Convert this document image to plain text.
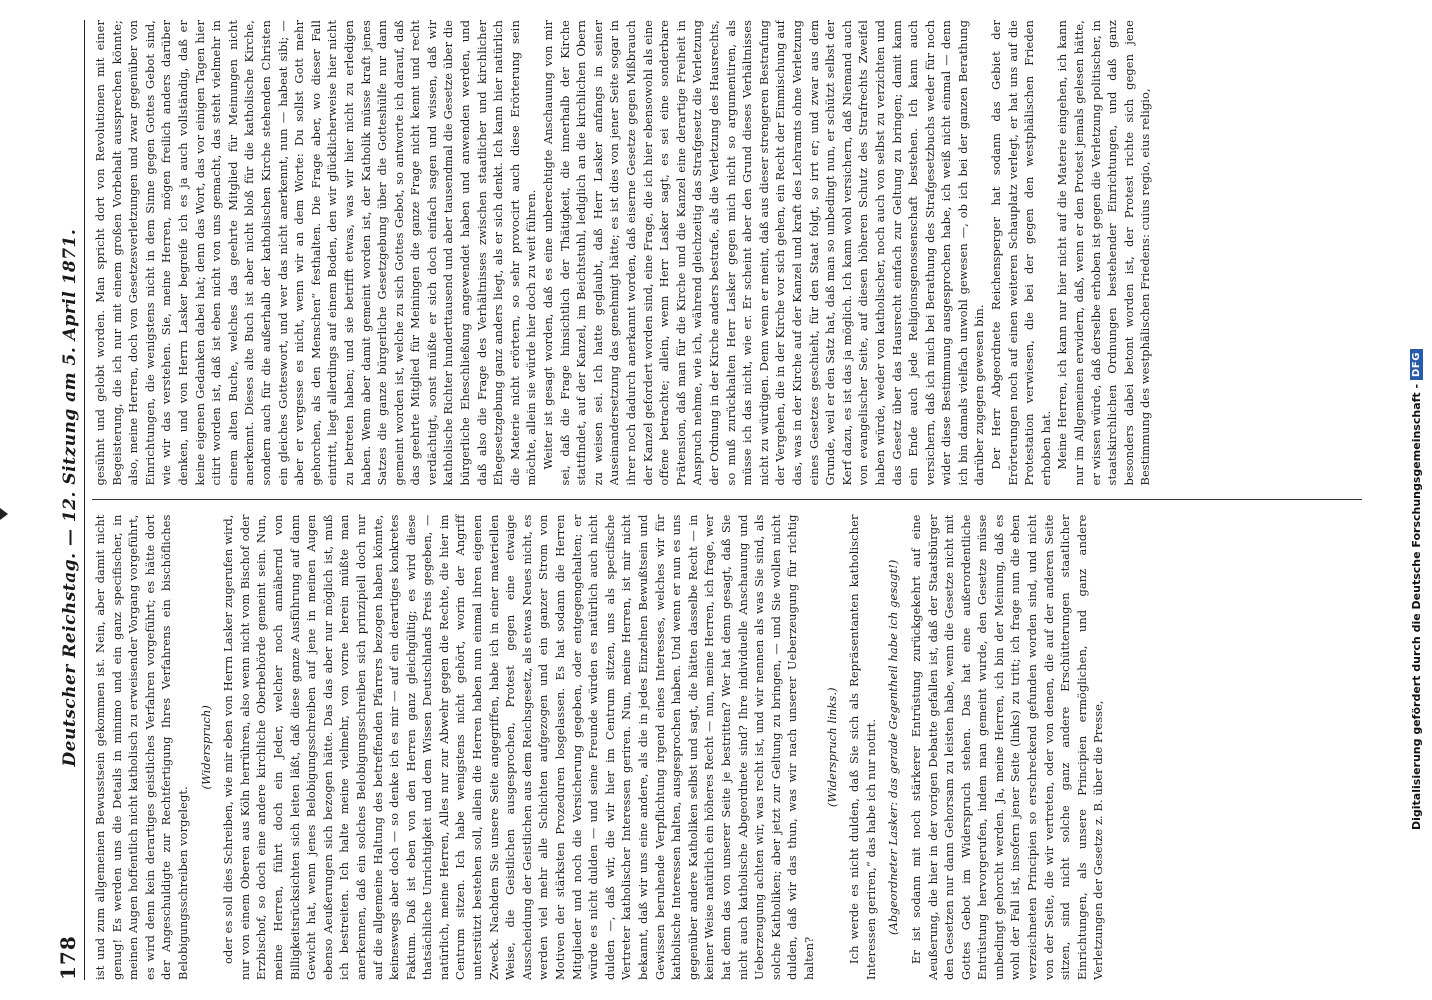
178
Deutscher Reichstag. — 12. Sitzung am 5. April 1871. ist und zum allgemeinen Bewusstsein gekommen ist. Nein, aber damit nicht genug! Es werden uns die Details in minimo und ein ganz specifischer, in meinen Augen hoffentlich nicht katholisch zu erweisender Vorgang vorgeführt, es wird denn kein derartiges geistliches Verfahren vorgeführt; es hätte dort der Angeschuldigte zur Rechtfertigung Ihres Verfahrens ein bischöfliches Belobigungsschreiben vorgelegt.

(Widerspruch) oder es soll dies Schreiben, wie mir eben von Herrn Lasker zugerufen wird, nur von einem Oberen aus Köln herrühren, also wenn nicht vom Bischof oder Erzbischof, so doch eine andere kirchliche Oberbehörde gemeint sein. Nun, meine Herren, führt doch ein Jeder, welcher noch annähernd von Billigkeitsrücksichten sich leiten läßt, daß diese ganze Ausführung auf dann Gewicht hat, wenn jenes Belobigungsschreiben auf jene in meinen Augen ebenso Aeußerungen sich bezogen hätte. Das das aber nur möglich ist, muß ich bestreiten. Ich halte meine vielmehr, von vorne herein müßte man anerkennen, daß ein solches Belobigungsschreiben sich prinzipiell doch nur auf die allgemeine Haltung des betreffenden Pfarrers bezogen haben könnte, keineswegs aber doch — so denke ich es mir — auf ein derartiges konkretes Faktum. Daß ist eben von den Herren ganz gleichgültig; es wird diese thatsächliche Unrichtigkeit und dem Wissen Deutschlands Preis gegeben, — natürlich, meine Herren, Alles nur zur Abwehr gegen die Rechte, die hier im Centrum sitzen. Ich habe wenigstens nicht gehört, worin der Angriff unterstützt bestehen soll, allein die Herren haben nun einmal ihren eigenen Zweck. Nachdem Sie unsere Seite angegriffen, habe ich in einer materiellen Weise, die Geistlichen ausgesprochen, Protest gegen eine etwaige Ausscheidung der Geistlichen aus dem Reichsgesetz, als etwas Neues nicht, es werden viel mehr alle Schichten aufgezogen und ein ganzer Strom von Motiven der stärksten Prozeduren losgelassen. Es hat sodann die Herren Mitglieder und noch die Versicherung gegeben, oder entgegengehalten; er würde es nicht dulden — und seine Freunde würden es natürlich auch nicht dulden —, daß wir, die wir hier im Centrum sitzen, uns als specifische Vertreter katholischer Interessen geriren. Nun, meine Herren, ist mir nicht bekannt, daß wir uns eine andere, als die in jedes Einzelnen Bewußtsein und Gewissen beruhende Verpflichtung irgend eines Interesses, welches wir für katholische Interessen halten, ausgesprochen haben. Und wenn er nun es uns gegenüber andere Katholiken selbst und sagt, die hätten dasselbe Recht — in keiner Weise natürlich ein höheres Recht — nun, meine Herren, ich frage, wer hat denn das von unserer Seite je bestritten? Wer hat denn gesagt, daß Sie nicht auch katholische Abgeordnete sind? Ihre individuelle Anschauung und Ueberzeugung achten wir, was recht ist, und wir nennen als was Sie sind, als solche Katholiken; aber jetzt zur Geltung zu bringen, — und Sie wollen nicht dulden, daß wir das thun, was wir nach unserer Ueberzeugung für richtig halten?

(Widerspruch links.) Ich werde es nicht dulden, daß Sie sich als Repräsentanten katholischer Interessen geriren,“ das habe ich nur notirt. (Abgeordneter Lasker: das gerade Gegentheil habe ich gesagt!) Er ist sodann mit noch stärkerer Entrüstung zurückgekehrt auf eine Aeußerung, die hier in der vorigen Debatte gefallen ist, daß der Staatsbürger den Gesetzen nur dann Gehorsam zu leisten habe, wenn die Gesetze nicht mit Gottes Gebot im Widerspruch stehen. Das hat eine außerordentliche Entrüstung hervorgerufen, indem man gemeint wurde, den Gesetze müsse unbedingt gehorcht werden. Ja, meine Herren, ich bin der Meinung, daß es wohl der Fall ist, insofern jener Seite (links) zu tritt; ich frage nun die eben verzeichneten Principien so erschreckend gefunden worden sind, und nicht von der Seite, die wir vertreten, oder von denen, die auf der anderen Seite sitzen, sind nicht solche ganz andere Erschütterungen staatlicher Einrichtungen, als unsere Principien ermöglichen, und ganz andere Verletzungen der Gesetze z. B. über die Presse,

gesühnt und gelobt worden. Man spricht dort von Revolutionen mit einer Begeisterung, die ich nur mit einem großen Vorbehalt aussprechen könnte; also, meine Herren, doch von Gesetzesverletzungen und zwar gegenüber von Einrichtungen, die wenigstens nicht in dem Sinne gegen Gottes Gebot sind, wie wir das verstehen. Sie, meine Herren, mögen freilich anders darüber denken, und von Herrn Lasker begreife ich es ja auch vollständig, daß er keine eigenen Gedanken dabei hat; denn das Wort, das vor einigen Tagen hier citirt worden ist, daß ist eben nicht von uns gemacht, das steht vielmehr in einem alten Buche, welches das geehrte Mitglied für Meinungen nicht anerkennt. Dieses alte Buch ist aber nicht bloß für die katholische Kirche, sondern auch für die außerhalb der katholischen Kirche stehenden Christen ein gleiches Gotteswort, und wer das nicht anerkennt, nun — habeat sibi; — aber er vergesse es nicht, wenn wir an dem Worte: Du sollst Gott mehr gehorchen, als den Menschen“ festhalten. Die Frage aber, wo dieser Fall eintritt, liegt allerdings auf einem Boden, den wir glücklicherweise hier nicht zu betreten haben; und sie betrifft etwas, was wir hier nicht zu erledigen haben. Wenn aber damit gemeint worden ist, der Katholik müsse kraft jenes Satzes die ganze bürgerliche Gesetzgebung über die Gotteshülfe nur dann gemeint worden ist, welche zu sich Gottes Gebot, so antworte ich darauf, daß das geehrte Mitglied für Meiningen die ganze Frage nicht kennt und recht verdächtigt, sonst müßte er sich doch einfach sagen und wissen, daß wir katholische Richter hunderttausend und aber tausendmal die Gesetze über die bürgerliche Eheschließung angewendet haben und anwenden werden, und daß also die Frage des Verhältnisses zwischen staatlicher und kirchlicher Ehegesetzgebung ganz anders liegt, als er sich denkt. Ich kann hier natürlich die Materie nicht erörtern, so sehr provocirt auch diese Erörterung sein möchte, allein sie würde hier doch zu weit führen. Weiter ist gesagt worden, daß es eine unberechtigte Anschauung von mir sei, daß die Frage hinsichtlich der Thätigkeit, die innerhalb der Kirche stattfindet, auf der Kanzel, im Beichtstuhl, lediglich an die kirchlichen Obern zu weisen sei. Ich hatte geglaubt, daß Herr Lasker anfangs in seiner Auseinandersetzung das genehmigt hätte; es ist dies von jener Seite sogar in ihrer noch dadurch anerkannt worden, daß eiserne Gesetze gegen Mißbrauch der Kanzel gefordert worden sind, eine Frage, die ich hier ebensowohl als eine offene betrachte; allein, wenn Herr Lasker sagt, es sei eine sonderbare Prätension, daß man für die Kirche und die Kanzel eine derartige Freiheit in Anspruch nehme, wie ich, während gleichzeitig das Strafgesetz die Verletzung der Ordnung in der Kirche anders bestrafe, als die Verletzung des Hausrechts, so muß zurückhalten Herr Lasker gegen mich nicht so argumentiren, als müsse ich das nicht, wie er. Er scheint aber den Grund dieses Verhältnisses nicht zu würdigen. Denn wenn er meint, daß aus dieser strengeren Bestrafung der Vergehen, die in der Kirche vor sich gehen, ein Recht der Einmischung auf das, was in der Kirche auf der Kanzel und kraft des Lehramts ohne Verletzung eines Gesetzes geschieht, für den Staat folgt, so irrt er; und zwar aus dem Grunde, weil er den Satz hat, daß man so unbedingt nun, er schützt selbst der Kerf dazu, es ist das ja möglich. Ich kann wohl versichern, daß Niemand auch von evangelischer Seite, auf diesen höheren Schutz des Strafrechts Zweifel haben würde, weder von katholischer, noch auch von selbst zu verzichten und das Gesetz über das Hausrecht einfach zur Geltung zu bringen; damit kann ein Ende auch jede Religionsgenossenschaft bestehen. Ich kann auch versichern, daß ich mich bei Berathung des Strafgesetzbuchs weder für noch wider diese Bestimmung ausgesprochen habe, ich weiß nicht einmal — denn ich bin damals vielfach unwohl gewesen —, ob ich bei der ganzen Berathung darüber zugegen gewesen bin. Der Herr Abgeordnete Reichensperger hat sodann das Gebiet der Erörterungen noch auf einen weiteren Schauplatz verlegt, er hat uns auf die Protestation verwiesen, die bei der gegen den westphälischen Frieden erhoben hat. Meine Herren, ich kann nur hier nicht auf die Materie eingehen, ich kann nur im Allgemeinen erwidern, daß, wenn er den Protest jemals gelesen hätte, er wissen würde, daß derselbe erhoben ist gegen die Verletzung politischer, in staatskirchlichen Ordnungen bestehender Einrichtungen, und daß ganz besonders dabei betont worden ist, der Protest richte sich gegen jene Bestimmung des westphälischen Friedens: cuius regio, eius religio,

Digitalisierung gefördert durch die Deutsche Forschungsgemeinschaft -
DFG
